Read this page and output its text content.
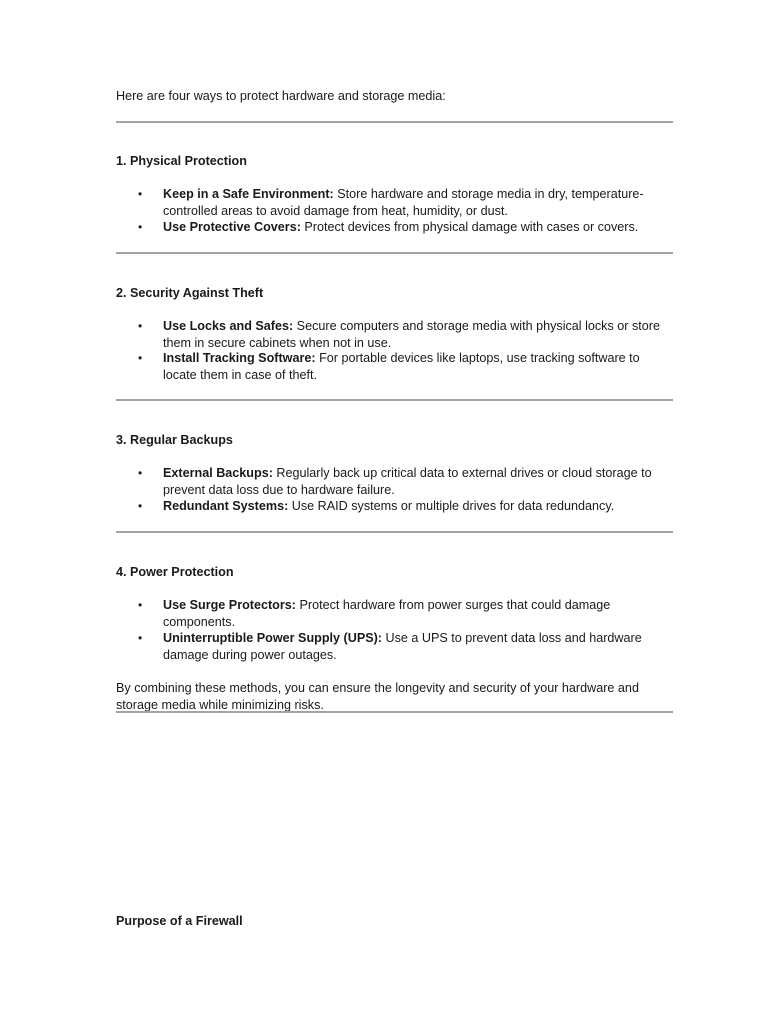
Here are four ways to protect hardware and storage media:
1. Physical Protection
• Keep in a Safe Environment: Store hardware and storage media in dry, temperature-controlled areas to avoid damage from heat, humidity, or dust.
• Use Protective Covers: Protect devices from physical damage with cases or covers.
2. Security Against Theft
• Use Locks and Safes: Secure computers and storage media with physical locks or store them in secure cabinets when not in use.
• Install Tracking Software: For portable devices like laptops, use tracking software to locate them in case of theft.
3. Regular Backups
• External Backups: Regularly back up critical data to external drives or cloud storage to prevent data loss due to hardware failure.
• Redundant Systems: Use RAID systems or multiple drives for data redundancy.
4. Power Protection
• Use Surge Protectors: Protect hardware from power surges that could damage components.
• Uninterruptible Power Supply (UPS): Use a UPS to prevent data loss and hardware damage during power outages.
By combining these methods, you can ensure the longevity and security of your hardware and storage media while minimizing risks.
Purpose of a Firewall
